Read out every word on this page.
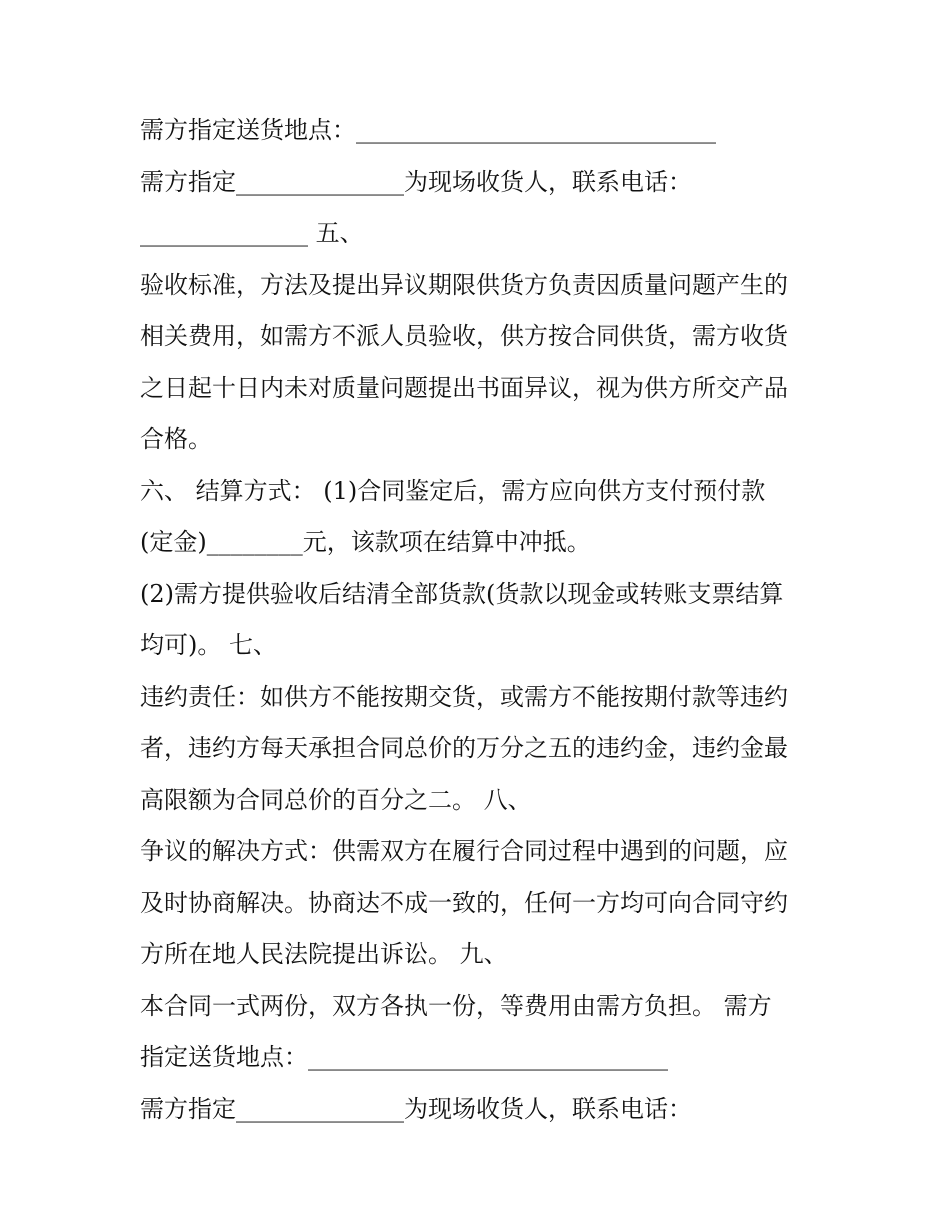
需方指定送货地点：______________________________
需方指定______________为现场收货人，联系电话：
______________ 五、
验收标准，方法及提出异议期限供货方负责因质量问题产生的
相关费用，如需方不派人员验收，供方按合同供货，需方收货
之日起十日内未对质量问题提出书面异议，视为供方所交产品
合格。
六、 结算方式： (1)合同鉴定后，需方应向供方支付预付款
(定金)________元，该款项在结算中冲抵。
(2)需方提供验收后结清全部货款(货款以现金或转账支票结算
均可)。 七、
违约责任：如供方不能按期交货，或需方不能按期付款等违约
者，违约方每天承担合同总价的万分之五的违约金，违约金最
高限额为合同总价的百分之二。 八、
争议的解决方式：供需双方在履行合同过程中遇到的问题，应
及时协商解决。协商达不成一致的，任何一方均可向合同守约
方所在地人民法院提出诉讼。 九、
本合同一式两份，双方各执一份，等费用由需方负担。 需方
指定送货地点：______________________________
需方指定______________为现场收货人，联系电话：
